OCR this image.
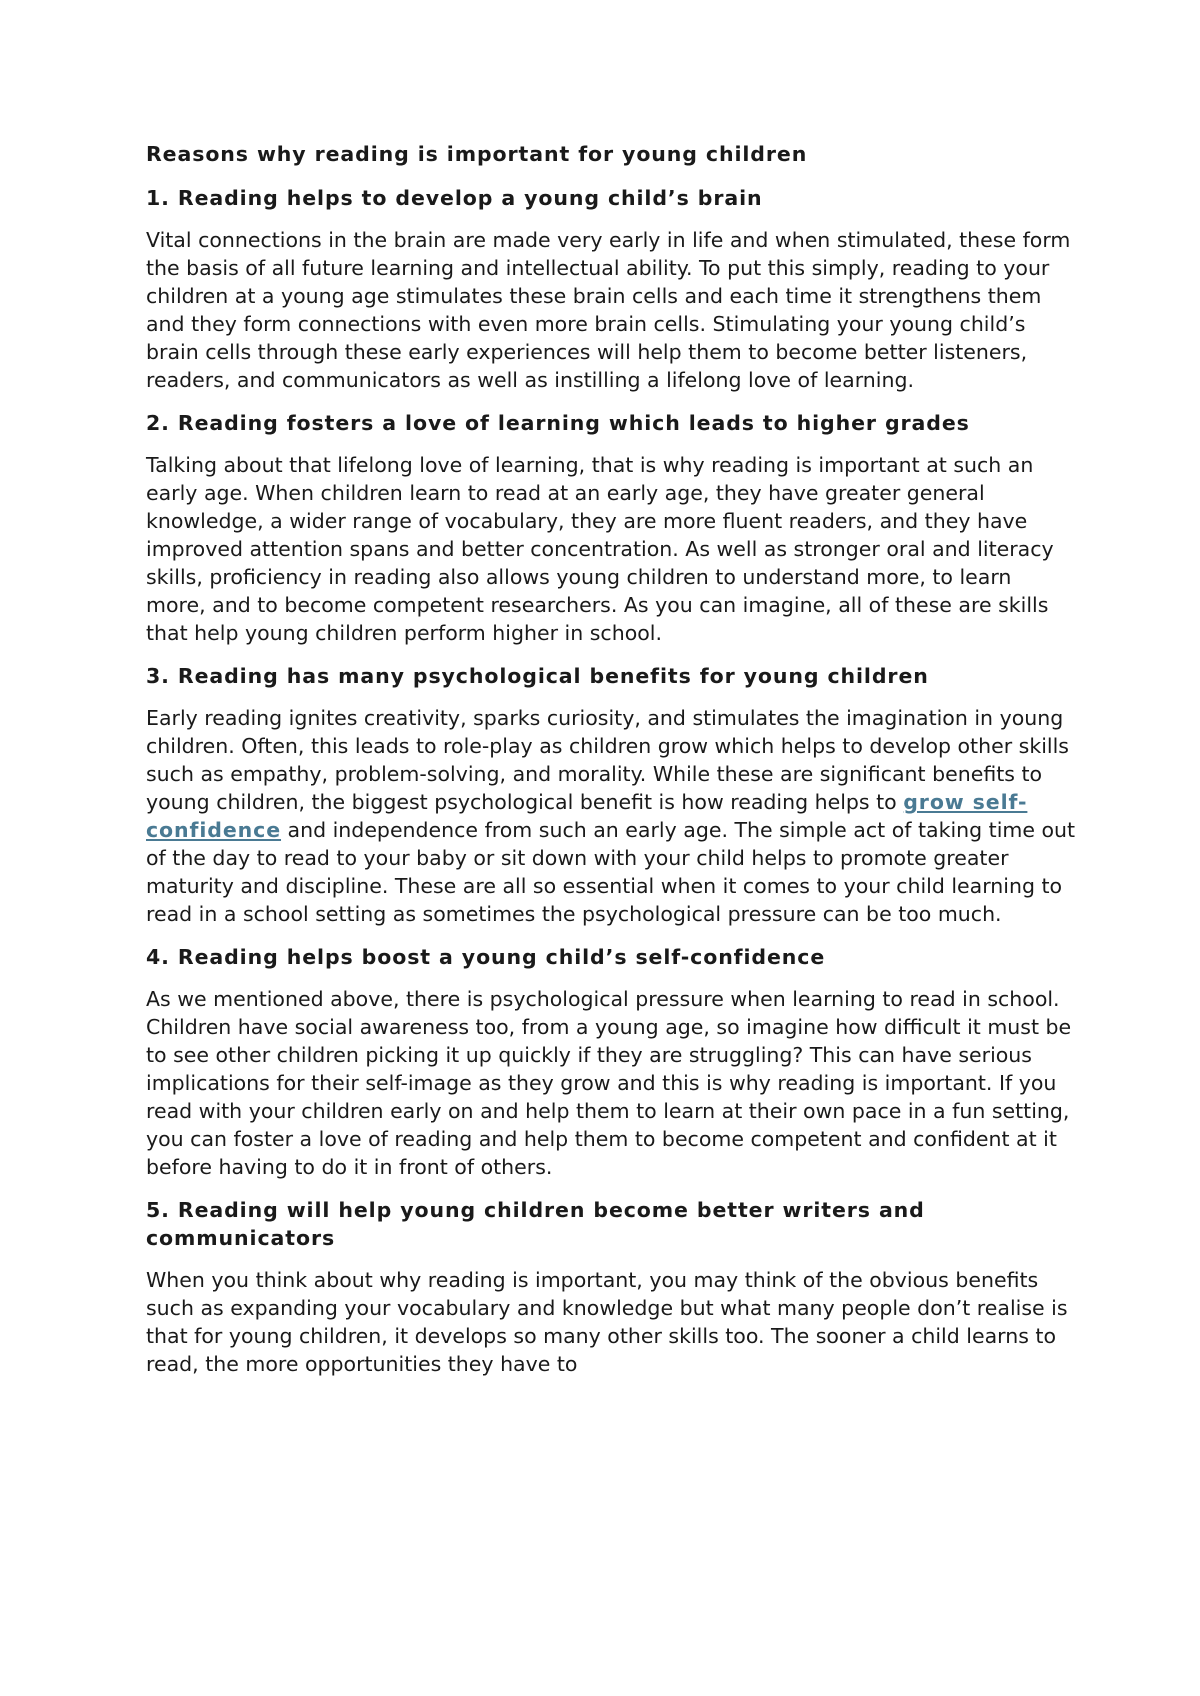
Reasons why reading is important for young children
1. Reading helps to develop a young child’s brain

Vital connections in the brain are made very early in life and when stimulated, these form the basis of all future learning and intellectual ability. To put this simply, reading to your children at a young age stimulates these brain cells and each time it strengthens them and they form connections with even more brain cells. Stimulating your young child’s brain cells through these early experiences will help them to become better listeners, readers, and communicators as well as instilling a lifelong love of learning.

2. Reading fosters a love of learning which leads to higher grades

Talking about that lifelong love of learning, that is why reading is important at such an early age. When children learn to read at an early age, they have greater general knowledge, a wider range of vocabulary, they are more fluent readers, and they have improved attention spans and better concentration. As well as stronger oral and literacy skills, proficiency in reading also allows young children to understand more, to learn more, and to become competent researchers. As you can imagine, all of these are skills that help young children perform higher in school.

3. Reading has many psychological benefits for young children

Early reading ignites creativity, sparks curiosity, and stimulates the imagination in young children. Often, this leads to role-play as children grow which helps to develop other skills such as empathy, problem-solving, and morality. While these are significant benefits to young children, the biggest psychological benefit is how reading helps to grow self-confidence and independence from such an early age. The simple act of taking time out of the day to read to your baby or sit down with your child helps to promote greater maturity and discipline. These are all so essential when it comes to your child learning to read in a school setting as sometimes the psychological pressure can be too much.

4. Reading helps boost a young child’s self-confidence

As we mentioned above, there is psychological pressure when learning to read in school. Children have social awareness too, from a young age, so imagine how difficult it must be to see other children picking it up quickly if they are struggling? This can have serious implications for their self-image as they grow and this is why reading is important. If you read with your children early on and help them to learn at their own pace in a fun setting, you can foster a love of reading and help them to become competent and confident at it before having to do it in front of others.

5. Reading will help young children become better writers and communicators

When you think about why reading is important, you may think of the obvious benefits such as expanding your vocabulary and knowledge but what many people don’t realise is that for young children, it develops so many other skills too. The sooner a child learns to read, the more opportunities they have to
